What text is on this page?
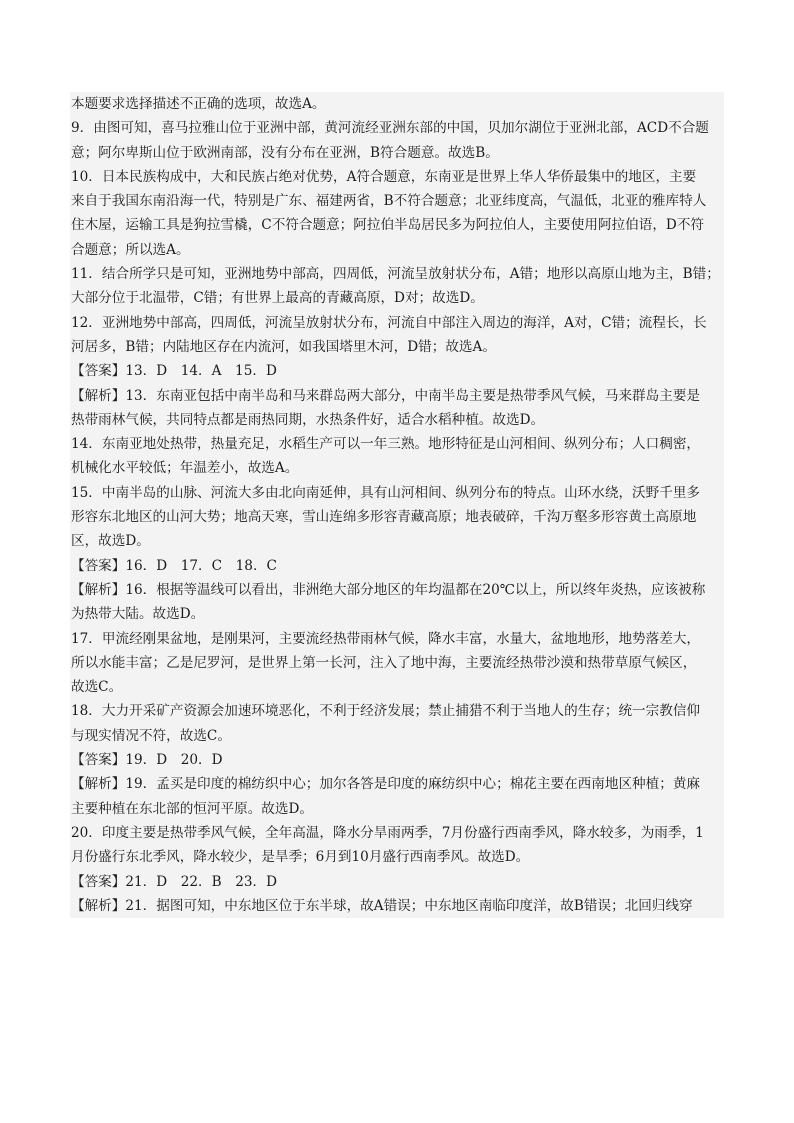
本题要求选择描述不正确的选项，故选A。
9．由图可知，喜马拉雅山位于亚洲中部，黄河流经亚洲东部的中国，贝加尔湖位于亚洲北部，ACD不合题
意；阿尔卑斯山位于欧洲南部，没有分布在亚洲，B符合题意。故选B。
10．日本民族构成中，大和民族占绝对优势，A符合题意，东南亚是世界上华人华侨最集中的地区，主要
来自于我国东南沿海一代，特别是广东、福建两省，B不符合题意；北亚纬度高，气温低，北亚的雅库特人
住木屋，运输工具是狗拉雪橇，C不符合题意；阿拉伯半岛居民多为阿拉伯人，主要使用阿拉伯语，D不符
合题意；所以选A。
11．结合所学只是可知，亚洲地势中部高，四周低，河流呈放射状分布，A错；地形以高原山地为主，B错；
大部分位于北温带，C错；有世界上最高的青藏高原，D对；故选D。
12．亚洲地势中部高，四周低，河流呈放射状分布，河流自中部注入周边的海洋，A对，C错；流程长，长
河居多，B错；内陆地区存在内流河，如我国塔里木河，D错；故选A。
【答案】13．D　14．A　15．D
【解析】13．东南亚包括中南半岛和马来群岛两大部分，中南半岛主要是热带季风气候，马来群岛主要是
热带雨林气候，共同特点都是雨热同期，水热条件好，适合水稻种植。故选D。
14．东南亚地处热带，热量充足，水稻生产可以一年三熟。地形特征是山河相间、纵列分布；人口稠密，
机械化水平较低；年温差小，故选A。
15．中南半岛的山脉、河流大多由北向南延伸，具有山河相间、纵列分布的特点。山环水绕，沃野千里多
形容东北地区的山河大势；地高天寒，雪山连绵多形容青藏高原；地表破碎，千沟万壑多形容黄土高原地
区，故选D。
【答案】16．D　17．C　18．C
【解析】16．根据等温线可以看出，非洲绝大部分地区的年均温都在20℃以上，所以终年炎热，应该被称
为热带大陆。故选D。
17．甲流经刚果盆地，是刚果河，主要流经热带雨林气候，降水丰富，水量大，盆地地形，地势落差大，
所以水能丰富；乙是尼罗河，是世界上第一长河，注入了地中海，主要流经热带沙漠和热带草原气候区，
故选C。
18．大力开采矿产资源会加速环境恶化，不利于经济发展；禁止捕猎不利于当地人的生存；统一宗教信仰
与现实情况不符，故选C。
【答案】19．D　20．D
【解析】19．孟买是印度的棉纺织中心；加尔各答是印度的麻纺织中心；棉花主要在西南地区种植；黄麻
主要种植在东北部的恒河平原。故选D。
20．印度主要是热带季风气候，全年高温，降水分旱雨两季，7月份盛行西南季风，降水较多，为雨季，1
月份盛行东北季风，降水较少，是旱季；6月到10月盛行西南季风。故选D。
【答案】21．D　22．B　23．D
【解析】21．据图可知，中东地区位于东半球，故A错误；中东地区南临印度洋，故B错误；北回归线穿
